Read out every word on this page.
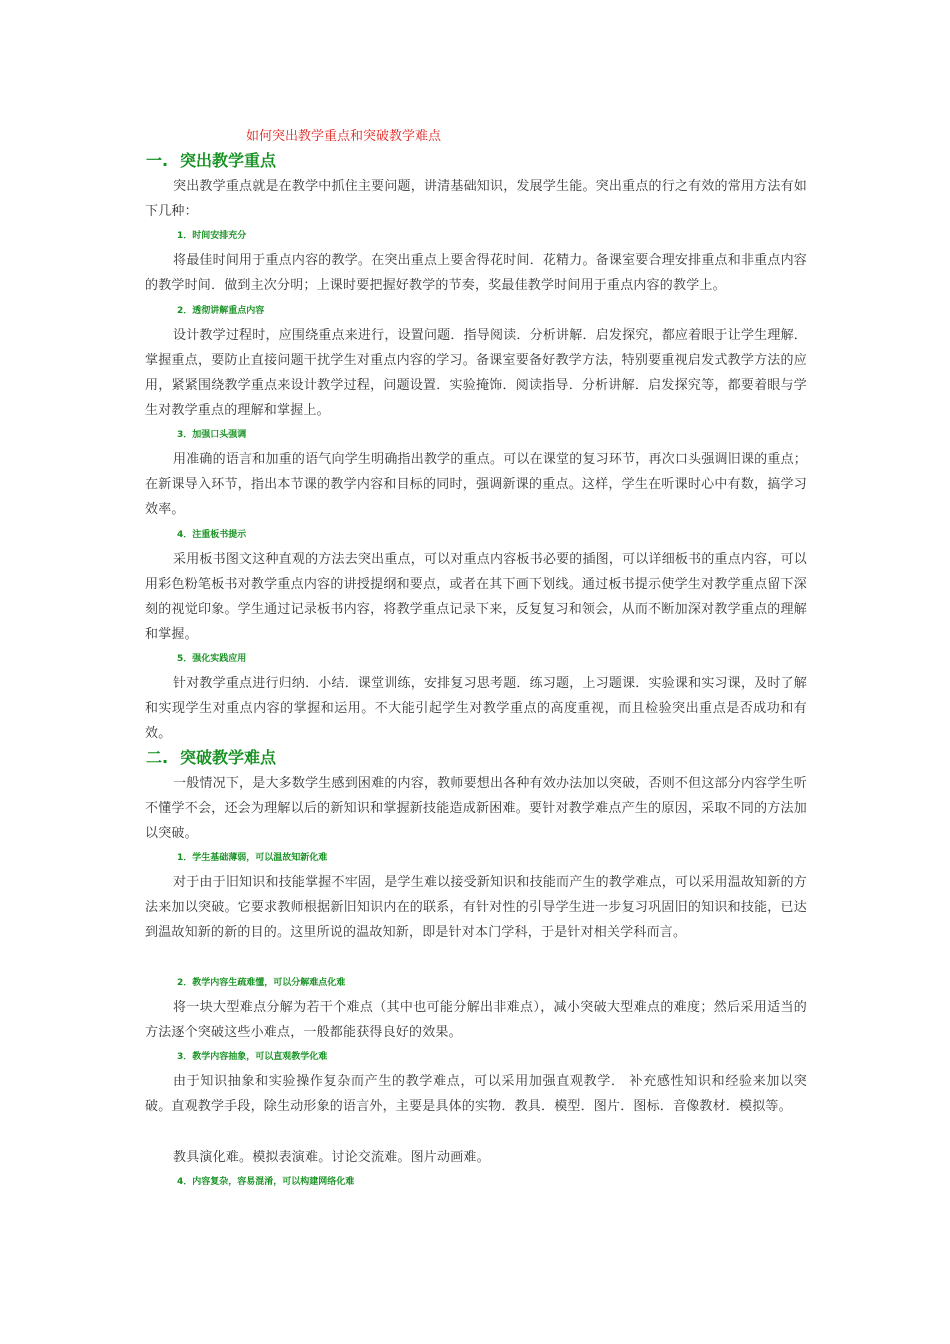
如何突出教学重点和突破教学难点
一. 突出教学重点
突出教学重点就是在教学中抓住主要问题，讲清基础知识，发展学生能。突出重点的行之有效的常用方法有如下几种：
1．时间安排充分
将最佳时间用于重点内容的教学。在突出重点上要舍得花时间．花精力。备课室要合理安排重点和非重点内容的教学时间．做到主次分明；上课时要把握好教学的节奏，奖最佳教学时间用于重点内容的教学上。
2．透彻讲解重点内容
设计教学过程时，应围绕重点来进行，设置问题．指导阅读．分析讲解．启发探究，都应着眼于让学生理解．掌握重点，要防止直接问题干扰学生对重点内容的学习。备课室要备好教学方法，特别要重视启发式教学方法的应用，紧紧围绕教学重点来设计教学过程，问题设置．实验掩饰．阅读指导．分析讲解．启发探究等，都要着眼与学生对教学重点的理解和掌握上。
3．加强口头强调
用准确的语言和加重的语气向学生明确指出教学的重点。可以在课堂的复习环节，再次口头强调旧课的重点；在新课导入环节，指出本节课的教学内容和目标的同时，强调新课的重点。这样，学生在听课时心中有数，搞学习效率。
4．注重板书提示
采用板书图文这种直观的方法去突出重点，可以对重点内容板书必要的插图，可以详细板书的重点内容，可以用彩色粉笔板书对教学重点内容的讲授提纲和要点，或者在其下画下划线。通过板书提示使学生对教学重点留下深刻的视觉印象。学生通过记录板书内容，将教学重点记录下来，反复复习和领会，从而不断加深对教学重点的理解和掌握。
5．强化实践应用
针对教学重点进行归纳．小结．课堂训练，安排复习思考题．练习题，上习题课．实验课和实习课，及时了解和实现学生对重点内容的掌握和运用。不大能引起学生对教学重点的高度重视，而且检验突出重点是否成功和有效。
二. 突破教学难点
一般情况下，是大多数学生感到困难的内容，教师要想出各种有效办法加以突破，否则不但这部分内容学生听不懂学不会，还会为理解以后的新知识和掌握新技能造成新困难。要针对教学难点产生的原因，采取不同的方法加以突破。
1．学生基础薄弱，可以温故知新化难
对于由于旧知识和技能掌握不牢固，是学生难以接受新知识和技能而产生的教学难点，可以采用温故知新的方法来加以突破。它要求教师根据新旧知识内在的联系，有针对性的引导学生进一步复习巩固旧的知识和技能，已达到温故知新的新的目的。这里所说的温故知新，即是针对本门学科，于是针对相关学科而言。
2．教学内容生疏难懂，可以分解难点化难
将一块大型难点分解为若干个难点（其中也可能分解出非难点），减小突破大型难点的难度；然后采用适当的方法逐个突破这些小难点，一般都能获得良好的效果。
3．教学内容抽象，可以直观教学化难
由于知识抽象和实验操作复杂而产生的教学难点，可以采用加强直观教学． 补充感性知识和经验来加以突破。直观教学手段，除生动形象的语言外，主要是具体的实物．教具．模型．图片．图标．音像教材．模拟等。
教具演化难。模拟表演难。讨论交流难。图片动画难。
4．内容复杂，容易混淆，可以构建网络化难
